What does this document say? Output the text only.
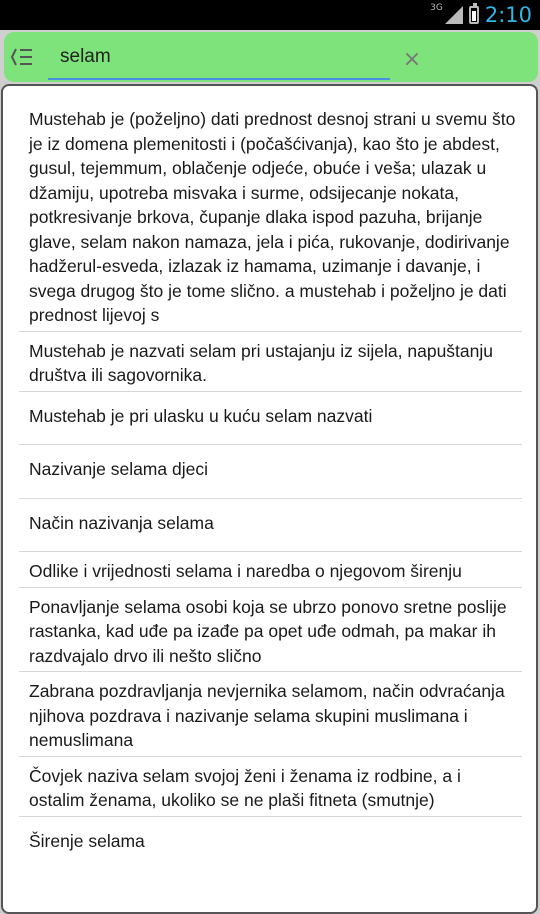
3G 2:10
selam	×
Mustehab je (poželjno) dati prednost desnoj strani u svemu što je iz domena plemenitosti i (počašćivanja), kao što je abdest, gusul, tejemmum, oblačenje odjeće, obuće i veša; ulazak u džamiju, upotreba misvaka i surme, odsijecanje nokata, potkresivanje brkova, čupanje dlaka ispod pazuha, brijanje glave, selam nakon namaza, jela i pića, rukovanje, dodirivanje hadžerul-esveda, izlazak iz hamama, uzimanje i davanje, i svega drugog što je tome slično. a mustehab i poželjno je dati prednost lijevoj s
Mustehab je nazvati selam pri ustajanju iz sijela, napuštanju društva ili sagovornika.
Mustehab je pri ulasku u kuću selam nazvati
Nazivanje selama djeci
Način nazivanja selama
Odlike i vrijednosti selama i naredba o njegovom širenju
Ponavljanje selama osobi koja se ubrzo ponovo sretne poslije rastanka, kad uđe pa izađe pa opet uđe odmah, pa makar ih razdvajalo drvo ili nešto slično
Zabrana pozdravljanja nevjernika selamom, način odvraćanja njihova pozdrava i nazivanje selama skupini muslimana i nemuslimana
Čovjek naziva selam svojoj ženi i ženama iz rodbine, a i ostalim ženama, ukoliko se ne plaši fitneta (smutnje)
Širenje selama
